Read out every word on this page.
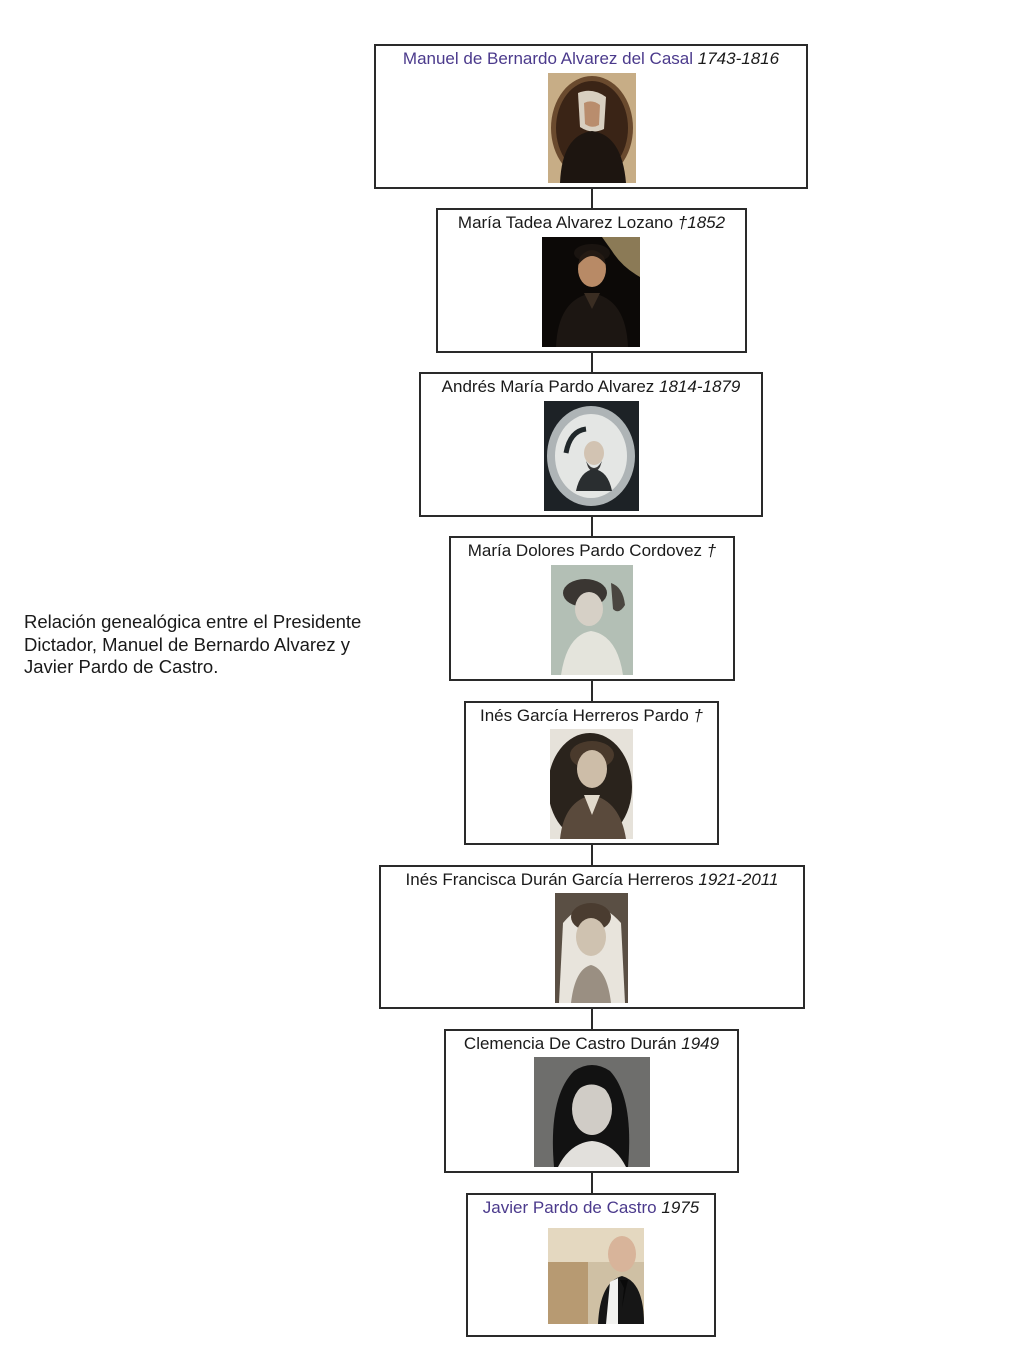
Relación genealógica entre el Presidente
Dictador, Manuel de Bernardo Alvarez y
Javier Pardo de Castro.
Manuel de Bernardo Alvarez del Casal 1743-1816
María Tadea Alvarez Lozano †1852
Andrés María Pardo Alvarez 1814-1879
María Dolores Pardo Cordovez †
Inés García Herreros Pardo †
Inés Francisca Durán García Herreros 1921-2011
Clemencia De Castro Durán 1949
Javier Pardo de Castro 1975
